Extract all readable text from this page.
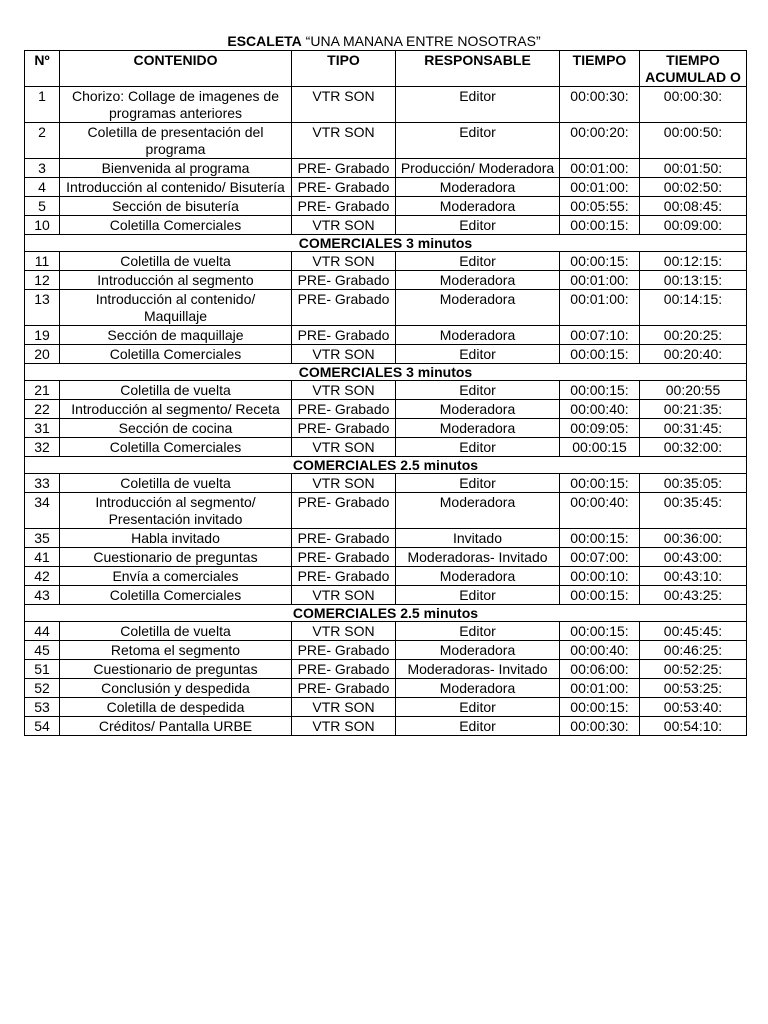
ESCALETA “UNA MANANA ENTRE NOSOTRAS”
Nº	CONTENIDO	TIPO	RESPONSABLE	TIEMPO	TIEMPO ACUMULAD O
1	Chorizo: Collage de imagenes de programas anteriores	VTR SON	Editor	00:00:30:	00:00:30:
2	Coletilla de presentación del programa	VTR SON	Editor	00:00:20:	00:00:50:
3	Bienvenida al programa	PRE- Grabado	Producción/ Moderadora	00:01:00:	00:01:50:
4	Introducción al contenido/ Bisutería	PRE- Grabado	Moderadora	00:01:00:	00:02:50:
5	Sección de bisutería	PRE- Grabado	Moderadora	00:05:55:	00:08:45:
10	Coletilla Comerciales	VTR SON	Editor	00:00:15:	00:09:00:
COMERCIALES 3 minutos					
11	Coletilla de vuelta	VTR SON	Editor	00:00:15:	00:12:15:
12	Introducción al segmento	PRE- Grabado	Moderadora	00:01:00:	00:13:15:
13	Introducción al contenido/ Maquillaje	PRE- Grabado	Moderadora	00:01:00:	00:14:15:
19	Sección de maquillaje	PRE- Grabado	Moderadora	00:07:10:	00:20:25:
20	Coletilla Comerciales	VTR SON	Editor	00:00:15:	00:20:40:
COMERCIALES 3 minutos					
21	Coletilla de vuelta	VTR SON	Editor	00:00:15:	00:20:55
22	Introducción al segmento/ Receta	PRE- Grabado	Moderadora	00:00:40:	00:21:35:
31	Sección de cocina	PRE- Grabado	Moderadora	00:09:05:	00:31:45:
32	Coletilla Comerciales	VTR SON	Editor	00:00:15	00:32:00:
COMERCIALES 2.5 minutos					
33	Coletilla de vuelta	VTR SON	Editor	00:00:15:	00:35:05:
34	Introducción al segmento/ Presentación invitado	PRE- Grabado	Moderadora	00:00:40:	00:35:45:
35	Habla invitado	PRE- Grabado	Invitado	00:00:15:	00:36:00:
41	Cuestionario de preguntas	PRE- Grabado	Moderadoras- Invitado	00:07:00:	00:43:00:
42	Envía a comerciales	PRE- Grabado	Moderadora	00:00:10:	00:43:10:
43	Coletilla Comerciales	VTR SON	Editor	00:00:15:	00:43:25:
COMERCIALES 2.5 minutos					
44	Coletilla de vuelta	VTR SON	Editor	00:00:15:	00:45:45:
45	Retoma el segmento	PRE- Grabado	Moderadora	00:00:40:	00:46:25:
51	Cuestionario de preguntas	PRE- Grabado	Moderadoras- Invitado	00:06:00:	00:52:25:
52	Conclusión y despedida	PRE- Grabado	Moderadora	00:01:00:	00:53:25:
53	Coletilla de despedida	VTR SON	Editor	00:00:15:	00:53:40:
54	Créditos/ Pantalla URBE	VTR SON	Editor	00:00:30:	00:54:10:
